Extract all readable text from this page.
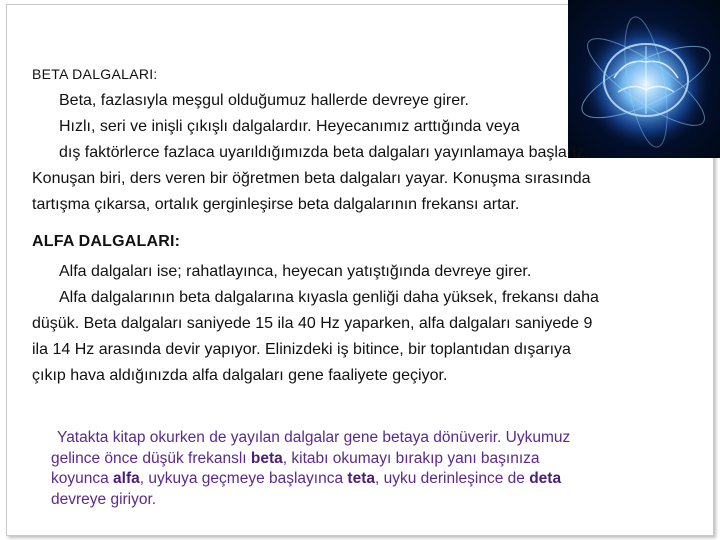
BETA DALGALARI:
Beta, fazlasıyla meşgul olduğumuz hallerde devreye girer.
Hızlı, seri ve inişli çıkışlı dalgalardır. Heyecanımız arttığında veya
dış faktörlerce fazlaca uyarıldığımızda beta dalgaları yayınlamaya başlarız.
Konuşan biri, ders veren bir öğretmen beta dalgaları yayar. Konuşma sırasında
tartışma çıkarsa, ortalık gerginleşirse beta dalgalarının frekansı artar.
ALFA DALGALARI:
Alfa dalgaları ise; rahatlayınca, heyecan yatıştığında devreye girer.
Alfa dalgalarının beta dalgalarına kıyasla genliği daha yüksek, frekansı daha
düşük. Beta dalgaları saniyede 15 ila 40 Hz yaparken, alfa dalgaları saniyede 9
ila 14 Hz arasında devir yapıyor. Elinizdeki iş bitince, bir toplantıdan dışarıya
çıkıp hava aldığınızda alfa dalgaları gene faaliyete geçiyor.
Yatakta kitap okurken de yayılan dalgalar gene betaya dönüverir. Uykumuz
gelince önce düşük frekanslı beta, kitabı okumayı bırakıp yanı başınıza
koyunca alfa, uykuya geçmeye başlayınca teta, uyku derinleşince de deta
devreye giriyor.
